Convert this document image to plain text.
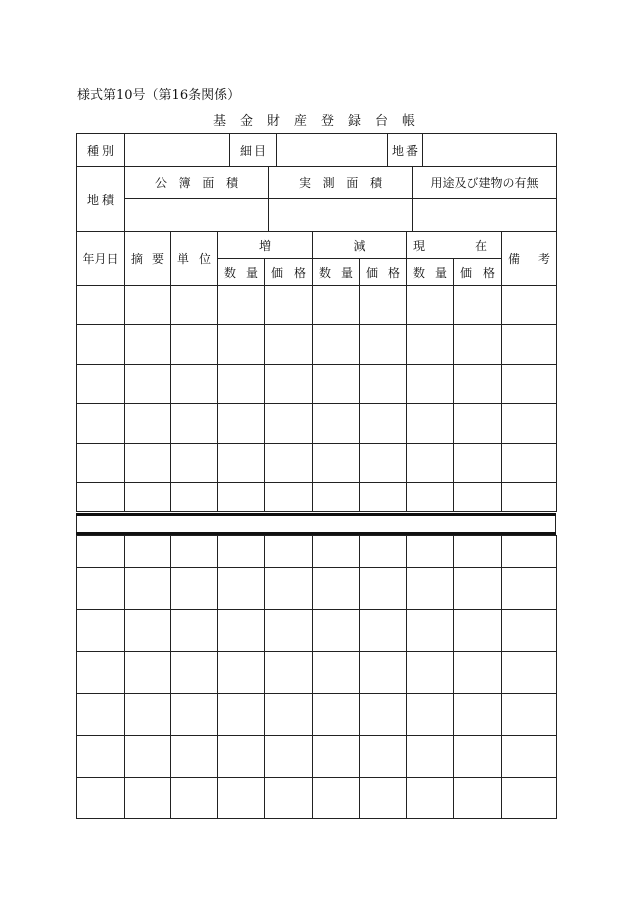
様式第10号（第16条関係）
基 金 財 産 登 録 台 帳
種 別		細 目		地 番

地 積	公 簿 面 積	実 測 面 積	用途及び建物の有無

年月日	摘 要	単 位	増		減		現 在		備 考

			数 量	価 格	数 量	価 格	数 量	価 格	
